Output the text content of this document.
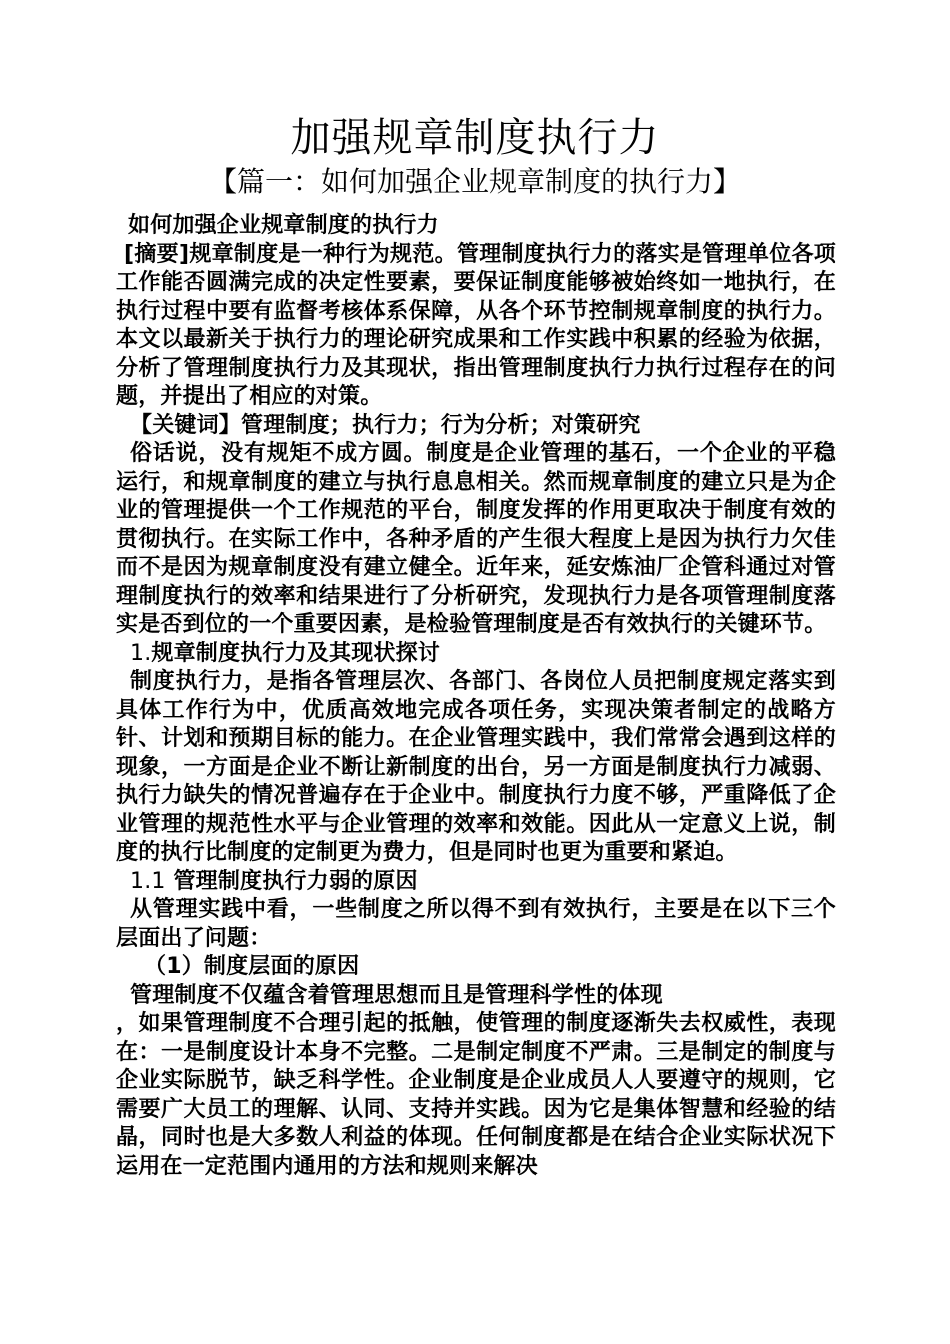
加强规章制度执行力
【篇一：如何加强企业规章制度的执行力】

如何加强企业规章制度的执行力

[摘要]规章制度是一种行为规范。管理制度执行力的落实是管理单位各项工作能否圆满完成的决定性要素，要保证制度能够被始终如一地执行，在执行过程中要有监督考核体系保障，从各个环节控制规章制度的执行力。本文以最新关于执行力的理论研究成果和工作实践中积累的经验为依据，分析了管理制度执行力及其现状，指出管理制度执行力执行过程存在的问题，并提出了相应的对策。

【关键词】管理制度；执行力；行为分析；对策研究

俗话说，没有规矩不成方圆。制度是企业管理的基石，一个企业的平稳运行，和规章制度的建立与执行息息相关。然而规章制度的建立只是为企业的管理提供一个工作规范的平台，制度发挥的作用更取决于制度有效的贯彻执行。在实际工作中，各种矛盾的产生很大程度上是因为执行力欠佳而不是因为规章制度没有建立健全。近年来，延安炼油厂企管科通过对管理制度执行的效率和结果进行了分析研究，发现执行力是各项管理制度落实是否到位的一个重要因素，是检验管理制度是否有效执行的关键环节。

1.规章制度执行力及其现状探讨

制度执行力，是指各管理层次、各部门、各岗位人员把制度规定落实到具体工作行为中，优质高效地完成各项任务，实现决策者制定的战略方针、计划和预期目标的能力。在企业管理实践中，我们常常会遇到这样的现象，一方面是企业不断让新制度的出台，另一方面是制度执行力减弱、执行力缺失的情况普遍存在于企业中。制度执行力度不够，严重降低了企业管理的规范性水平与企业管理的效率和效能。因此从一定意义上说，制度的执行比制度的定制更为费力，但是同时也更为重要和紧迫。

1.1 管理制度执行力弱的原因

从管理实践中看，一些制度之所以得不到有效执行，主要是在以下三个层面出了问题：

（1）制度层面的原因

管理制度不仅蕴含着管理思想而且是管理科学性的体现

，如果管理制度不合理引起的抵触，使管理的制度逐渐失去权威性，表现在：一是制度设计本身不完整。二是制定制度不严肃。三是制定的制度与企业实际脱节，缺乏科学性。企业制度是企业成员人人要遵守的规则，它需要广大员工的理解、认同、支持并实践。因为它是集体智慧和经验的结晶，同时也是大多数人利益的体现。任何制度都是在结合企业实际状况下运用在一定范围内通用的方法和规则来解决
